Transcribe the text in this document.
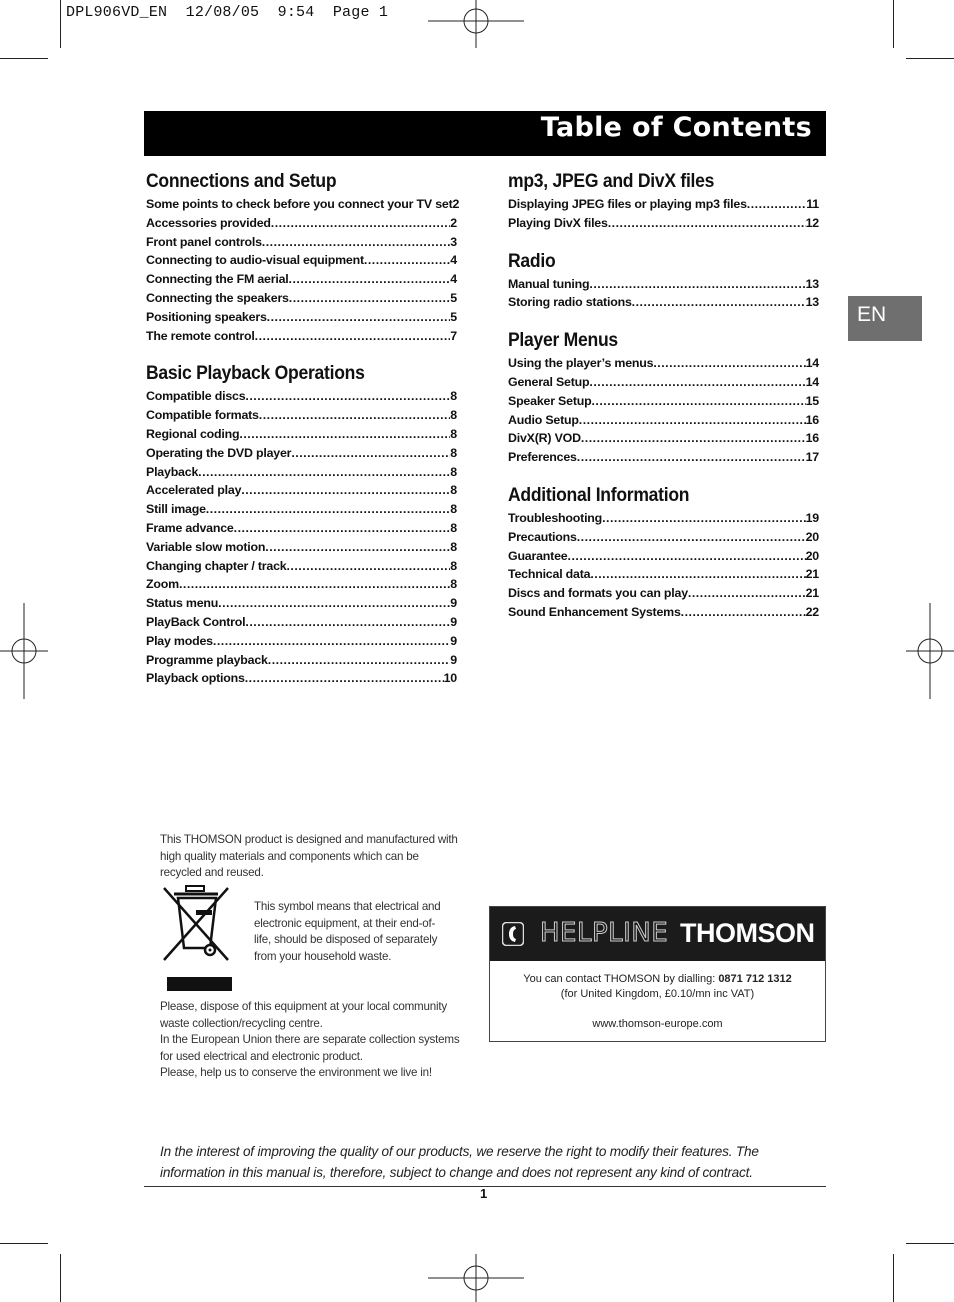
DPL906VD_EN  12/08/05  9:54  Page 1
Table of Contents
EN
Connections and Setup
Some points to check before you connect your TV set 2
Accessories provided .....	2
Front panel controls .....	3
Connecting to audio-visual equipment .....	4
Connecting the FM aerial .....	4
Connecting the speakers .....	5
Positioning speakers .....	5
The remote control .....	7
Basic Playback Operations
Compatible discs .....	8
Compatible formats .....	8
Regional coding .....	8
Operating the DVD player .....	8
Playback .....	8
Accelerated play .....	8
Still image .....	8
Frame advance .....	8
Variable slow motion .....	8
Changing chapter / track .....	8
Zoom .....	8
Status menu .....	9
PlayBack Control .....	9
Play modes .....	9
Programme playback .....	9
Playback options .....	10
mp3, JPEG and DivX files
Displaying JPEG files or playing mp3 files .....	11
Playing DivX files .....	12
Radio
Manual tuning .....	13
Storing radio stations .....	13
Player Menus
Using the player’s menus .....	14
General Setup .....	14
Speaker Setup .....	15
Audio Setup .....	16
DivX(R) VOD .....	16
Preferences .....	17
Additional Information
Troubleshooting .....	19
Precautions .....	20
Guarantee .....	20
Technical data .....	21
Discs and formats you can play .....	21
Sound Enhancement Systems .....	22
This THOMSON product is designed and manufactured with high quality materials and components which can be recycled and reused.
This symbol means that electrical and electronic equipment, at their end-of-life, should be disposed of separately from your household waste.
Please, dispose of this equipment at your local community waste collection/recycling centre.
In the European Union there are separate collection systems for used electrical and electronic product.
Please, help us to conserve the environment we live in!
HELPLINE THOMSON
You can contact THOMSON by dialling: 0871 712 1312
(for United Kingdom, £0.10/mn inc VAT)
www.thomson-europe.com
In the interest of improving the quality of our products, we reserve the right to modify their features. The information in this manual is, therefore, subject to change and does not represent any kind of contract.
1
